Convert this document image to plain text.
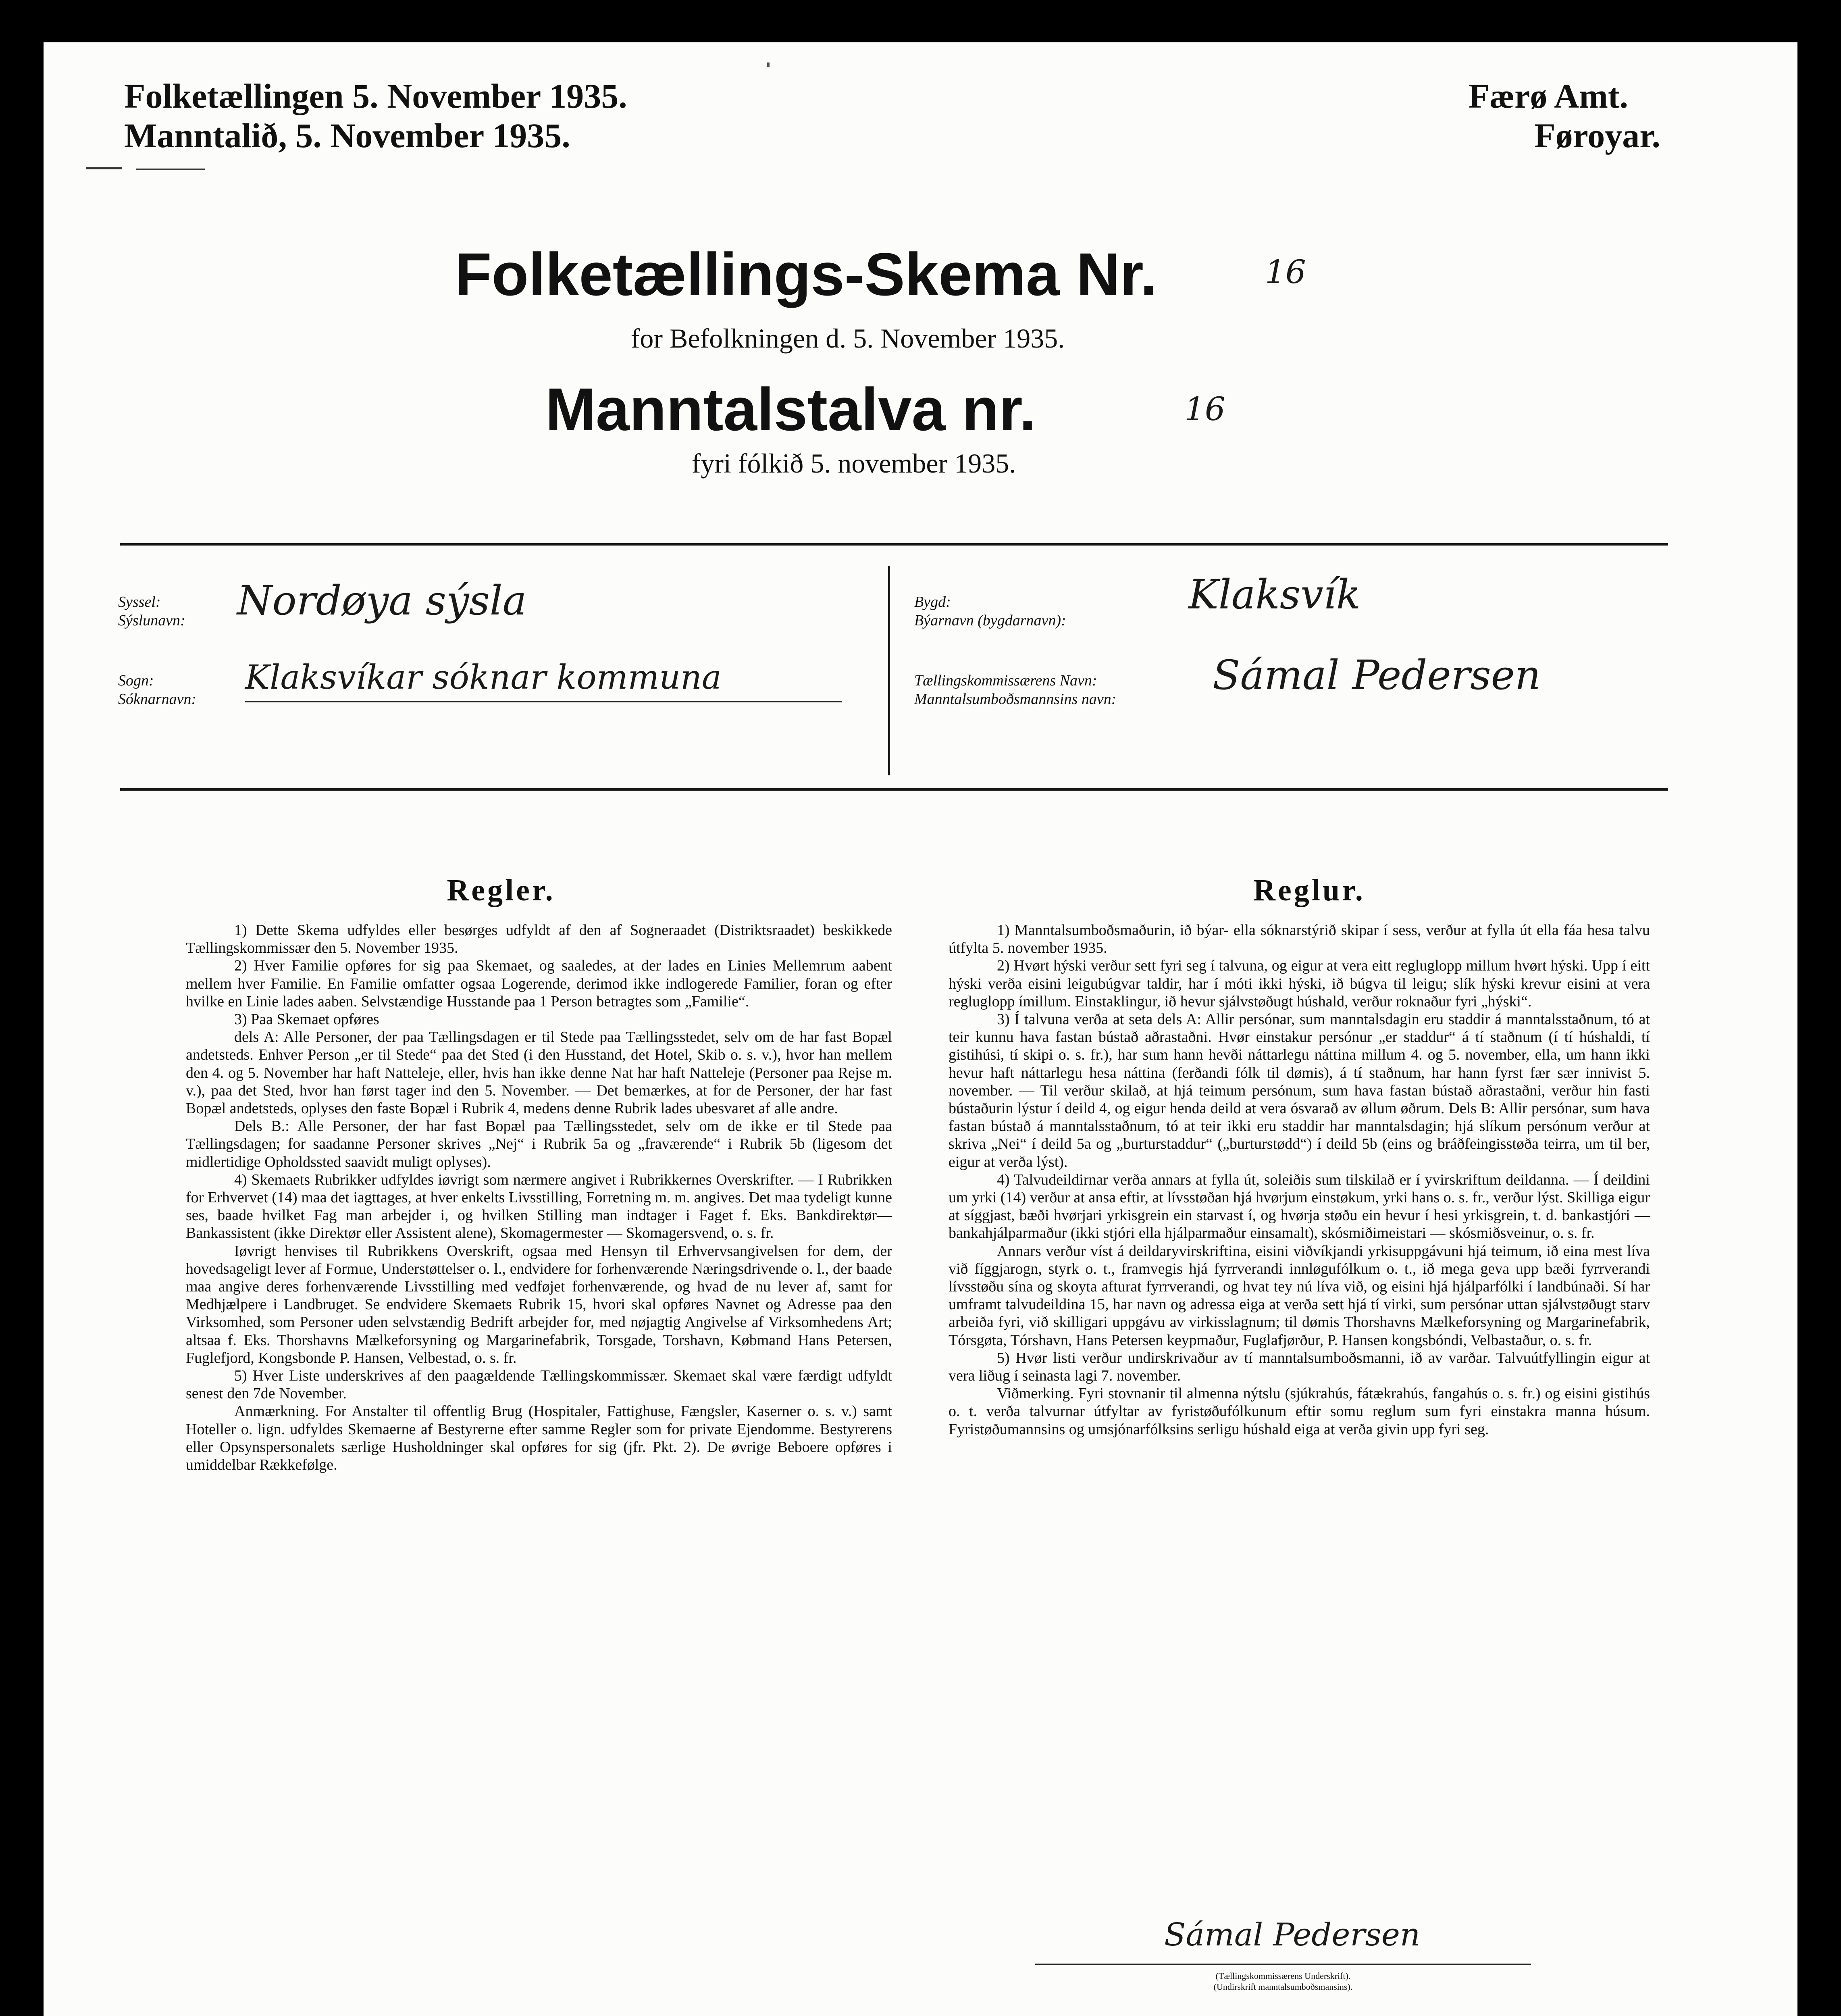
Folketællingen 5. November 1935.
Manntalið, 5. November 1935.
Færø Amt.
Føroyar.
Folketællings-Skema Nr.	16
for Befolkningen d. 5. November 1935.
Manntalstalva nr.	16
fyri fólkið 5. november 1935.
Syssel:
Sýslunavn: Nordøya sýsla
Sogn:
Sóknarnavn:
Klaksvíkar sóknar kommuna
Bygd:
Býarnavn (bygdarnavn):
Klaksvík
Tællingskommissærens Navn:
Manntalsumboðsmannsins navn:
Sámal Pedersen
Regler.

1) Dette Skema udfyldes eller besørges udfyldt af den af Sogneraadet (Distriktsraadet) beskikkede Tællingskommissær den 5. November 1935.

2) Hver Familie opføres for sig paa Skemaet, og saaledes, at der lades en Linies Mellemrum aabent mellem hver Familie. En Familie omfatter ogsaa Logerende, derimod ikke indlogerede Familier, foran og efter hvilke en Linie lades aaben. Selvstændige Husstande paa 1 Person betragtes som „Familie“.

3) Paa Skemaet opføres

dels A: Alle Personer, der paa Tællingsdagen er til Stede paa Tællingsstedet, selv om de har fast Bopæl andetsteds. Enhver Person „er til Stede“ paa det Sted (i den Husstand, det Hotel, Skib o. s. v.), hvor han mellem den 4. og 5. November har haft Natteleje, eller, hvis han ikke denne Nat har haft Natteleje (Personer paa Rejse m. v.), paa det Sted, hvor han først tager ind den 5. November. — Det bemærkes, at for de Personer, der har fast Bopæl andetsteds, oplyses den faste Bopæl i Rubrik 4, medens denne Rubrik lades ubesvaret af alle andre.

Dels B.: Alle Personer, der har fast Bopæl paa Tællingsstedet, selv om de ikke er til Stede paa Tællingsdagen; for saadanne Personer skrives „Nej“ i Rubrik 5a og „fraværende“ i Rubrik 5b (ligesom det midlertidige Opholdssted saavidt muligt oplyses).

4) Skemaets Rubrikker udfyldes iøvrigt som nærmere angivet i Rubrikkernes Overskrifter. — I Rubrikken for Erhvervet (14) maa det iagttages, at hver enkelts Livsstilling, Forretning m. m. angives. Det maa tydeligt kunne ses, baade hvilket Fag man arbejder i, og hvilken Stilling man indtager i Faget f. Eks. Bankdirektør—Bankassistent (ikke Direktør eller Assistent alene), Skomagermester — Skomagersvend, o. s. fr.

Iøvrigt henvises til Rubrikkens Overskrift, ogsaa med Hensyn til Erhvervsangivelsen for dem, der hovedsageligt lever af Formue, Understøttelser o. l., endvidere for forhenværende Næringsdrivende o. l., der baade maa angive deres forhenværende Livsstilling med vedføjet forhenværende, og hvad de nu lever af, samt for Medhjælpere i Landbruget. Se endvidere Skemaets Rubrik 15, hvori skal opføres Navnet og Adresse paa den Virksomhed, som Personer uden selvstændig Bedrift arbejder for, med nøjagtig Angivelse af Virksomhedens Art; altsaa f. Eks. Thorshavns Mælkeforsyning og Margarinefabrik, Torsgade, Torshavn, Købmand Hans Petersen, Fuglefjord, Kongsbonde P. Hansen, Velbestad, o. s. fr.

5) Hver Liste underskrives af den paagældende Tællingskommissær. Skemaet skal være færdigt udfyldt senest den 7de November.

Anmærkning. For Anstalter til offentlig Brug (Hospitaler, Fattighuse, Fængsler, Kaserner o. s. v.) samt Hoteller o. lign. udfyldes Skemaerne af Bestyrerne efter samme Regler som for private Ejendomme. Bestyrerens eller Opsynspersonalets særlige Husholdninger skal opføres for sig (jfr. Pkt. 2). De øvrige Beboere opføres i umiddelbar Rækkefølge.

Reglur.

1) Manntalsumboðsmaðurin, ið býar- ella sóknarstýrið skipar í sess, verður at fylla út ella fáa hesa talvu útfylta 5. november 1935.

2) Hvørt hýski verður sett fyri seg í talvuna, og eigur at vera eitt regluglopp millum hvørt hýski. Upp í eitt hýski verða eisini leigubúgvar taldir, har í móti ikki hýski, ið búgva til leigu; slík hýski krevur eisini at vera regluglopp ímillum. Einstaklingur, ið hevur sjálvstøðugt húshald, verður roknaður fyri „hýski“.

3) Í talvuna verða at seta dels A: Allir persónar, sum manntalsdagin eru staddir á manntalsstaðnum, tó at teir kunnu hava fastan bústað aðrastaðni. Hvør einstakur persónur „er staddur“ á tí staðnum (í tí húshaldi, tí gistihúsi, tí skipi o. s. fr.), har sum hann hevði náttarlegu náttina millum 4. og 5. november, ella, um hann ikki hevur haft náttarlegu hesa náttina (ferðandi fólk til dømis), á tí staðnum, har hann fyrst fær sær innivist 5. november. — Til verður skilað, at hjá teimum persónum, sum hava fastan bústað aðrastaðni, verður hin fasti bústaðurin lýstur í deild 4, og eigur henda deild at vera ósvarað av øllum øðrum. Dels B: Allir persónar, sum hava fastan bústað á manntalsstaðnum, tó at teir ikki eru staddir har manntalsdagin; hjá slíkum persónum verður at skriva „Nei“ í deild 5a og „burturstaddur“ („burturstødd“) í deild 5b (eins og bráðfeingisstøða teirra, um til ber, eigur at verða lýst).

4) Talvudeildirnar verða annars at fylla út, soleiðis sum tilskilað er í yvirskriftum deildanna. — Í deildini um yrki (14) verður at ansa eftir, at lívsstøðan hjá hvørjum einstøkum, yrki hans o. s. fr., verður lýst. Skilliga eigur at síggjast, bæði hvørjari yrkisgrein ein starvast í, og hvørja støðu ein hevur í hesi yrkisgrein, t. d. bankastjóri — bankahjálparmaður (ikki stjóri ella hjálparmaður einsamalt), skósmiðimeistari — skósmiðsveinur, o. s. fr.

Annars verður víst á deildaryvirskriftina, eisini viðvíkjandi yrkisuppgávuni hjá teimum, ið eina mest líva við fíggjarogn, styrk o. t., framvegis hjá fyrrverandi innløgufólkum o. t., ið mega geva upp bæði fyrrverandi lívsstøðu sína og skoyta afturat fyrrverandi, og hvat tey nú líva við, og eisini hjá hjálparfólki í landbúnaði. Sí har umframt talvudeildina 15, har navn og adressa eiga at verða sett hjá tí virki, sum persónar uttan sjálvstøðugt starv arbeiða fyri, við skilligari uppgávu av virkisslagnum; til dømis Thorshavns Mælkeforsyning og Margarinefabrik, Tórsgøta, Tórshavn, Hans Petersen keypmaður, Fuglafjørður, P. Hansen kongsbóndi, Velbastaður, o. s. fr.

5) Hvør listi verður undirskrivaður av tí manntalsumboðsmanni, ið av varðar. Talvuútfyllingin eigur at vera liðug í seinasta lagi 7. november.

Viðmerking. Fyri stovnanir til almenna nýtslu (sjúkrahús, fátækrahús, fangahús o. s. fr.) og eisini gistihús o. t. verða talvurnar útfyltar av fyristøðufólkunum eftir somu reglum sum fyri einstakra manna húsum. Fyristøðumannsins og umsjónarfólksins serligu húshald eiga at verða givin upp fyri seg.

Sámal Pedersen
(Tællingskommissærens Underskrift).
(Undirskrift manntalsumboðsmansins).
